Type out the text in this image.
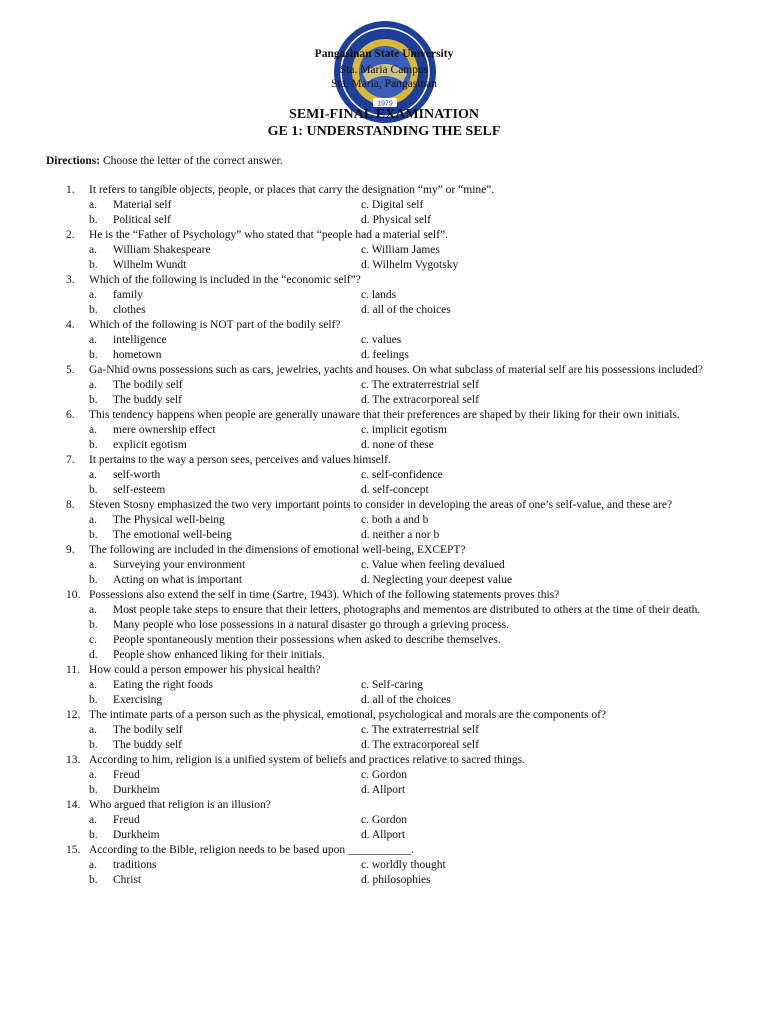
1979
Pangasinan State University
Sta. Maria Campus
Sta. Maria, Pangasinan
SEMI-FINAL EXAMINATION
GE 1: UNDERSTANDING THE SELF
Directions: Choose the letter of the correct answer.
1.	It refers to tangible objects, people, or places that carry the designation “my” or “mine”.
a.	Material self	c. Digital self
b.	Political self	d. Physical self
2.	He is the “Father of Psychology” who stated that “people had a material self”.
a.	William Shakespeare	c. William James
b.	Wilhelm Wundt	d. Wilhelm Vygotsky
3.	Which of the following is included in the “economic self”?
a.	family	c. lands
b.	clothes	d. all of the choices
4.	Which of the following is NOT part of the bodily self?
a.	intelligence	c. values
b.	hometown	d. feelings
5.	Ga-Nhid owns possessions such as cars, jewelries, yachts and houses. On what subclass of material self are his possessions included?
a.	The bodily self	c. The extraterrestrial self
b.	The buddy self	d. The extracorporeal self
6.	This tendency happens when people are generally unaware that their preferences are shaped by their liking for their own initials.
a.	mere ownership effect	c. implicit egotism
b.	explicit egotism	d. none of these
7.	It pertains to the way a person sees, perceives and values himself.
a.	self-worth	c. self-confidence
b.	self-esteem	d. self-concept
8.	Steven Stosny emphasized the two very important points to consider in developing the areas of one’s self-value, and these are?
a.	The Physical well-being	c. both a and b
b.	The emotional well-being	d. neither a nor b
9.	The following are included in the dimensions of emotional well-being, EXCEPT?
a.	Surveying your environment	c. Value when feeling devalued
b.	Acting on what is important	d. Neglecting your deepest value
10. Possessions also extend the self in time (Sartre, 1943). Which of the following statements proves this?
a.	Most people take steps to ensure that their letters, photographs and mementos are distributed to others at the time of their death.
b.	Many people who lose possessions in a natural disaster go through a grieving process.
c.	People spontaneously mention their possessions when asked to describe themselves.
d.	People show enhanced liking for their initials.
11. How could a person empower his physical health?
a.	Eating the right foods	c. Self-caring
b.	Exercising	d. all of the choices
12. The intimate parts of a person such as the physical, emotional, psychological and morals are the components of?
a.	The bodily self	c. The extraterrestrial self
b.	The buddy self	d. The extracorporeal self
13. According to him, religion is a unified system of beliefs and practices relative to sacred things.
a.	Freud	c. Gordon
b.	Durkheim	d. Allport
14. Who argued that religion is an illusion?
a.	Freud	c. Gordon
b.	Durkheim	d. Allport
15. According to the Bible, religion needs to be based upon ___________.
a.	traditions	c. worldly thought
b.	Christ	d. philosophies
